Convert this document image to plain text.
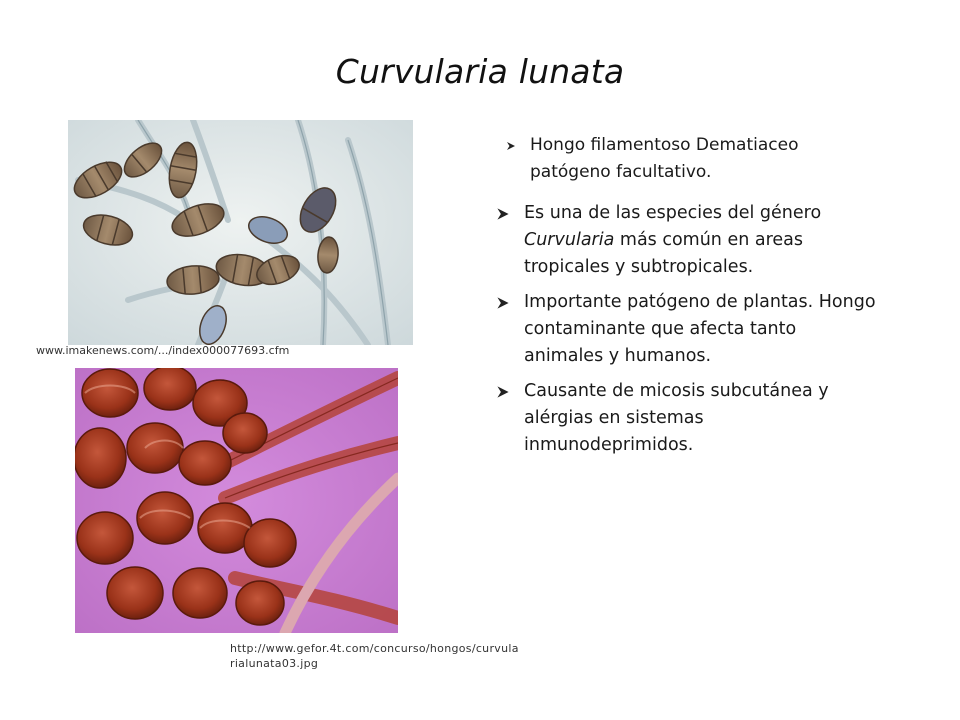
Curvularia lunata
www.imakenews.com/.../index000077693.cfm
http://www.gefor.4t.com/concurso/hongos/curvularialunata03.jpg
Hongo filamentoso Dematiaceo patógeno facultativo.
Es una de las especies del género Curvularia más común en areas tropicales y subtropicales.
Importante patógeno de plantas. Hongo contaminante que afecta tanto animales y humanos.
Causante de micosis subcutánea y alérgias en sistemas inmunodeprimidos.
